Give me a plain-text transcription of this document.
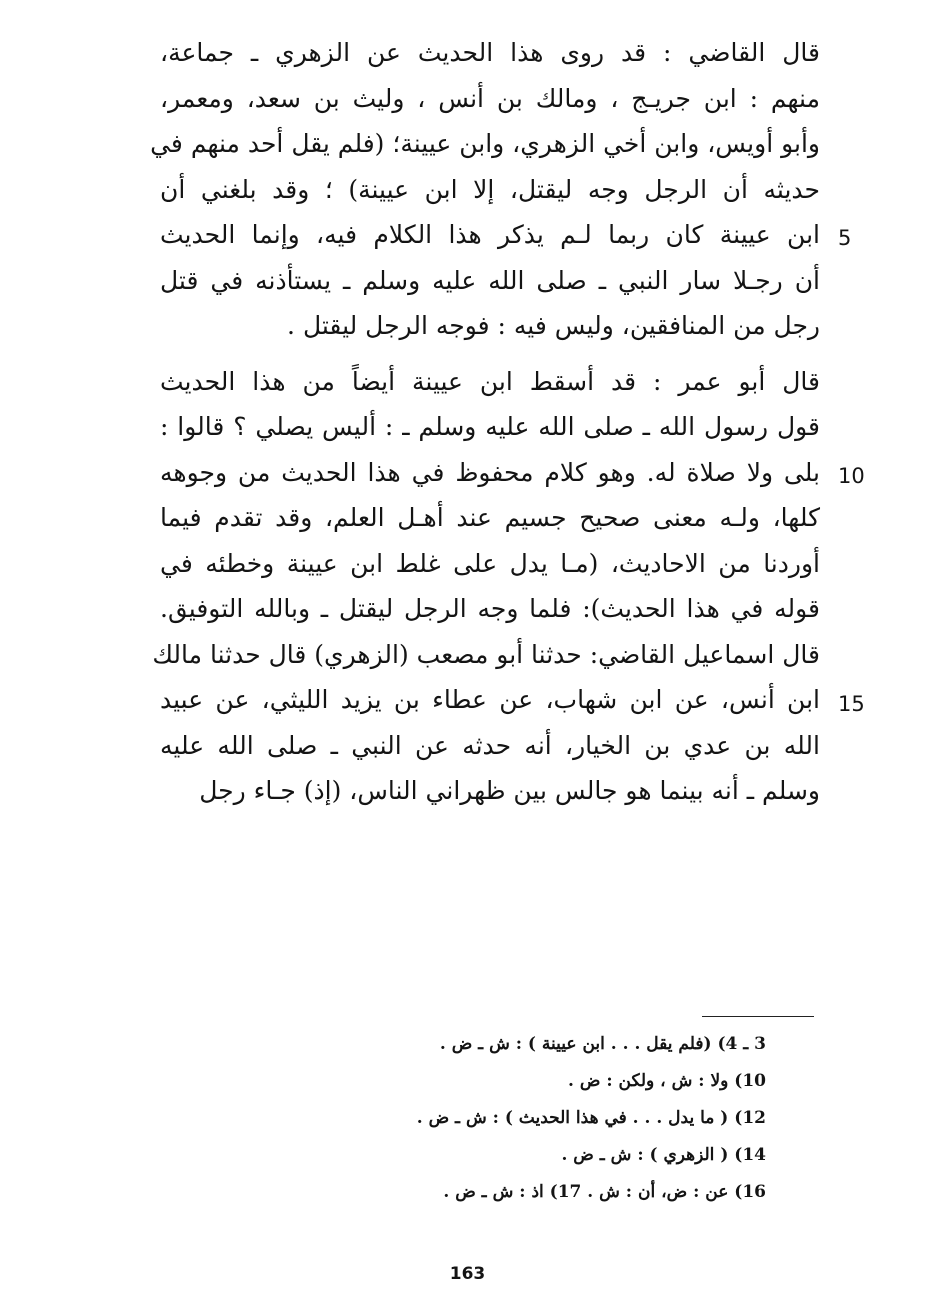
قال القاضي : قد روى هذا الحديث عن الزهري ـ جماعة،
منهم : ابن جريـج ، ومالك بن أنس ، وليث بن سعد، ومعمر،
وأبو أويس، وابن أخي الزهري، وابن عيينة؛ (فلم يقل أحد منهم في
حديثه أن الرجل وجه ليقتل، إلا ابن عيينة) ؛ وقد بلغني أن
ابن عيينة كان ربما لـم يذكر هذا الكلام فيه، وإنما الحديث
أن رجـلا سار النبي ـ صلى الله عليه وسلم ـ يستأذنه في قتل
رجل من المنافقين، وليس فيه : فوجه الرجل ليقتل .
قال أبو عمر : قد أسقط ابن عيينة أيضاً من هذا الحديث
قول رسول الله ـ صلى الله عليه وسلم ـ : أليس يصلي ؟ قالوا :
بلى ولا صلاة له. وهو كلام محفوظ في هذا الحديث من وجوهه
كلها، ولـه معنى صحيح جسيم عند أهـل العلم، وقد تقدم فيما
أوردنا من الاحاديث، (مـا يدل على غلط ابن عيينة وخطئه في
قوله في هذا الحديث): فلما وجه الرجل ليقتل ـ وبالله التوفيق.
قال اسماعيل القاضي: حدثنا أبو مصعب (الزهري) قال حدثنا مالك
ابن أنس، عن ابن شهاب، عن عطاء بن يزيد الليثي، عن عبيد
الله بن عدي بن الخيار، أنه حدثه عن النبي ـ صلى الله عليه
وسلم ـ أنه بينما هو جالس بين ظهراني الناس، (إذ) جـاء رجل
5
10
15
3 ـ 4) (فلم يقل . . . ابن عيينة ) : ش ـ ض .
10) ولا : ش ، ولكن : ض .
12) ( ما يدل . . . في هذا الحديث ) : ش ـ ض .
14) ( الزهري ) : ش ـ ض .
16) عن : ض، أن : ش . 17) اذ : ش ـ ض .
163
